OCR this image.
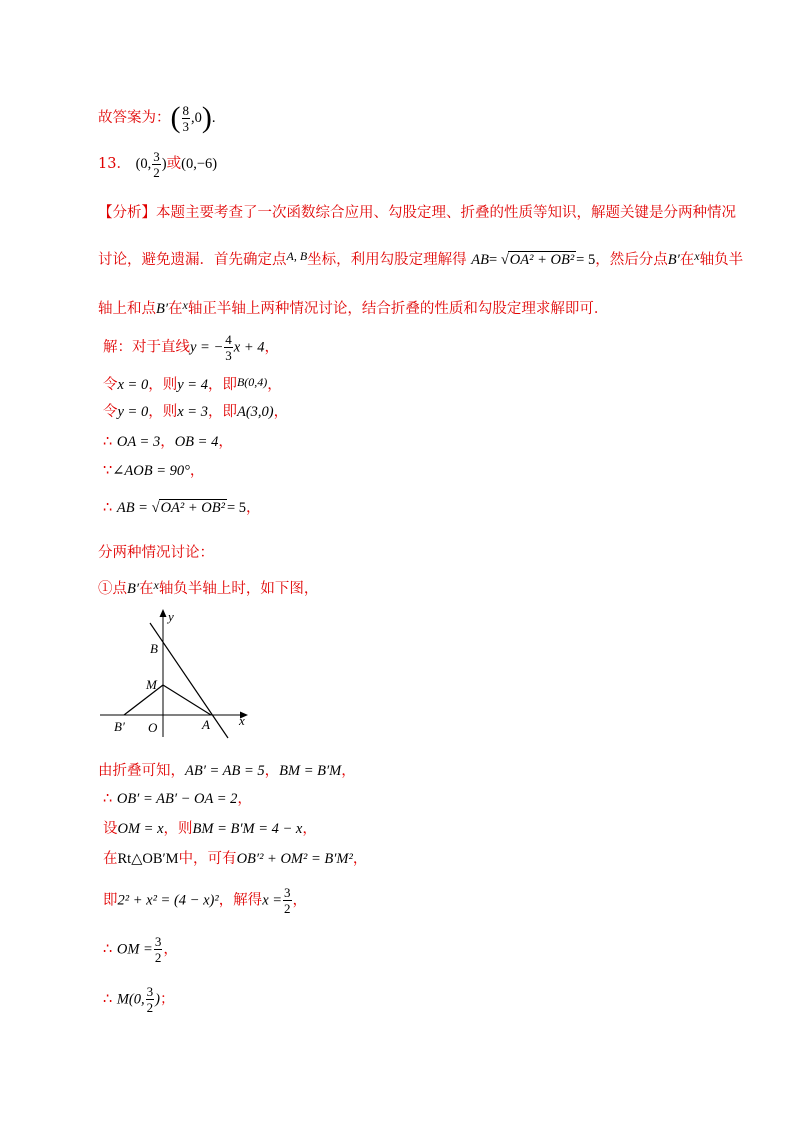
故答案为：( $\frac{8}{3} ,0$).
13． (0, $\frac{3}{2}$ )或(0,−6)
【分析】本题主要考查了一次函数综合应用、勾股定理、折叠的性质等知识，解题关键是分两种情况
讨论，避免遗漏．首先确定点$^{A, B}$坐标，利用勾股定理解得 AB= √OA² + OB² = 5，然后分点B′在$^x$轴负半
轴上和点B′在$^x$轴正半轴上两种情况讨论，结合折叠的性质和勾股定理求解即可．
解：对于直线y = − $\frac{4}{3}$ x + 4，
令x = 0，则y = 4，即$^{B(0,4)}$，
令y = 0，则x = 3，即A(3,0)，
∴ OA = 3，OB = 4，
∵∠AOB = 90°，
∴ AB = √OA² + OB² = 5，
分两种情况讨论：
①点B′在$^x$轴负半轴上时，如下图，
y
x
B
M
B′ O	A
由折叠可知，AB′ = AB = 5，BM = B′M，
∴ OB′ = AB′ − OA = 2，
设OM = x，则BM = B′M = 4 − x，
在Rt△OB′M中，可有OB′² + OM² = B′M²，
即2² + x² = (4 − x)²，解得$x = \frac{3}{2}$ ，
∴ OM = $\frac{3}{2}$ ，
∴ M(0, $\frac{3}{2}$ )；
